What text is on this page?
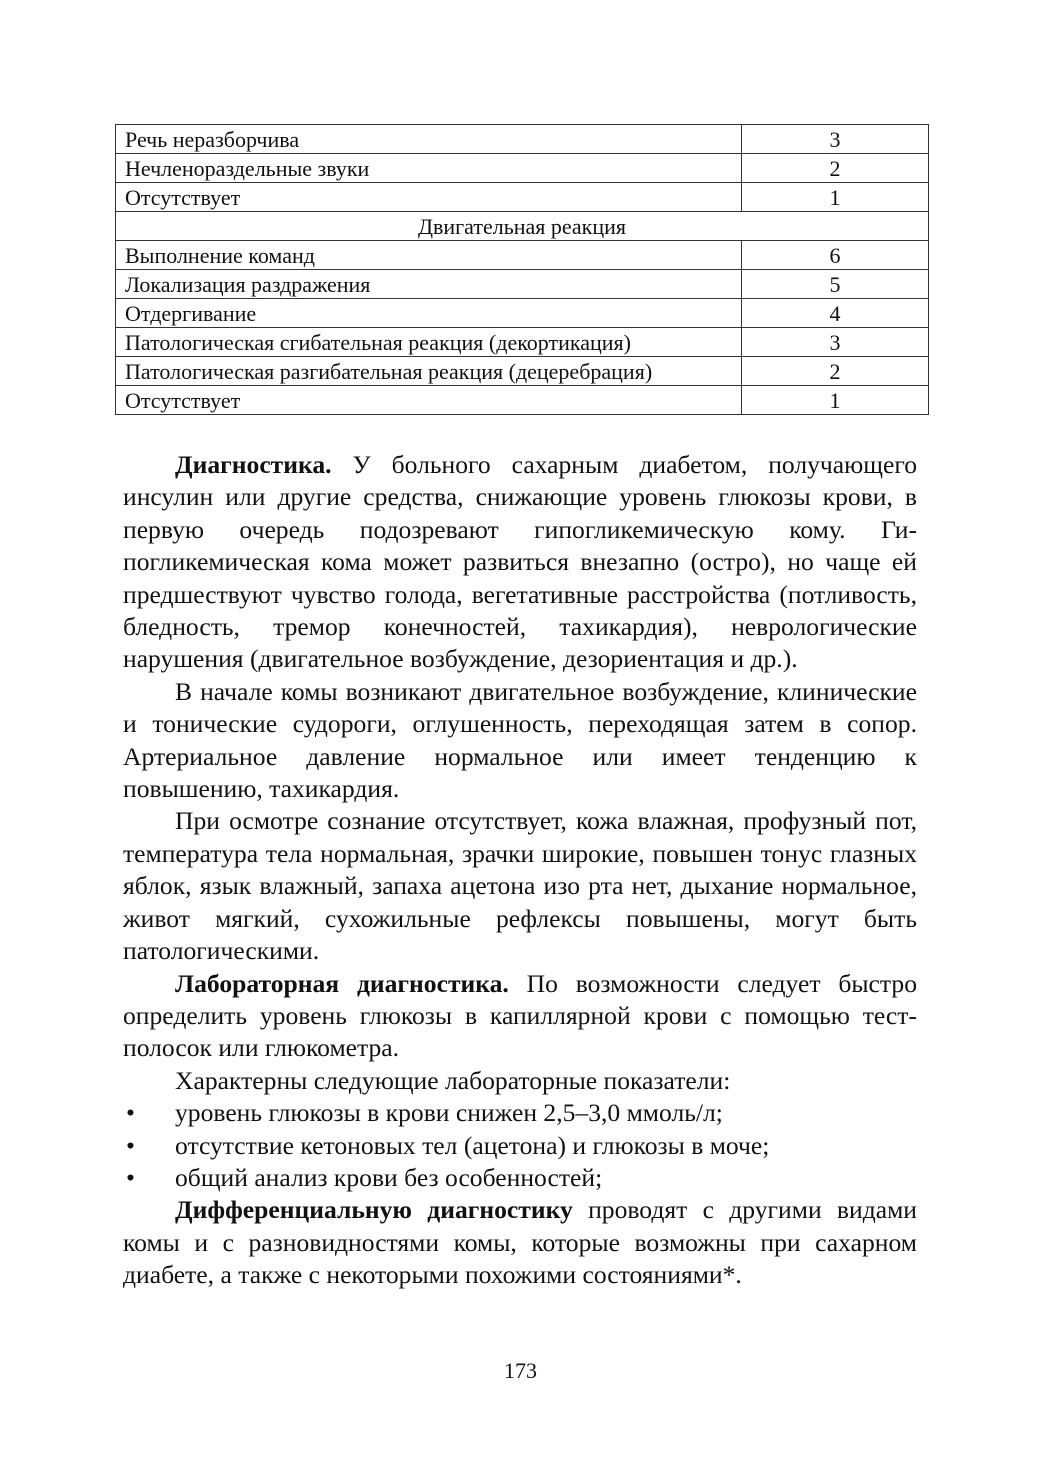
Речь неразборчива	3
Нечленораздельные звуки	2
Отсутствует	1
Двигательная реакция	
Выполнение команд	6
Локализация раздражения	5
Отдергивание	4
Патологическая сгибательная реакция (декортикация)	3
Патологическая разгибательная реакция (децеребрация)	2
Отсутствует	1

Диагностика. У больного сахарным диабетом, получающего инсулин или другие средства, снижающие уровень глюкозы крови, в первую очередь подозревают гипогликемическую кому. Гипогликемическая кома может развиться внезапно (остро), но чаще ей предшествуют чувство голода, вегетативные расстройства (потливость, бледность, тремор конечностей, тахикардия), неврологические нарушения (двигательное возбуждение, дезориентация и др.).

В начале комы возникают двигательное возбуждение, клинические и тонические судороги, оглушенность, переходящая затем в сопор. Артериальное давление нормальное или имеет тенденцию к повышению, тахикардия.

При осмотре сознание отсутствует, кожа влажная, профузный пот, температура тела нормальная, зрачки широкие, повышен тонус глазных яблок, язык влажный, запаха ацетона изо рта нет, дыхание нормальное, живот мягкий, сухожильные рефлексы повышены, могут быть патологическими.

Лабораторная диагностика. По возможности следует быстро определить уровень глюкозы в капиллярной крови с помощью тест-полосок или глюкометра.

Характерны следующие лабораторные показатели:

• уровень глюкозы в крови снижен 2,5–3,0 ммоль/л;
• отсутствие кетоновых тел (ацетона) и глюкозы в моче;
• общий анализ крови без особенностей;

Дифференциальную диагностику проводят с другими видами комы и с разновидностями комы, которые возможны при сахарном диабете, а также с некоторыми похожими состояниями*.

173
